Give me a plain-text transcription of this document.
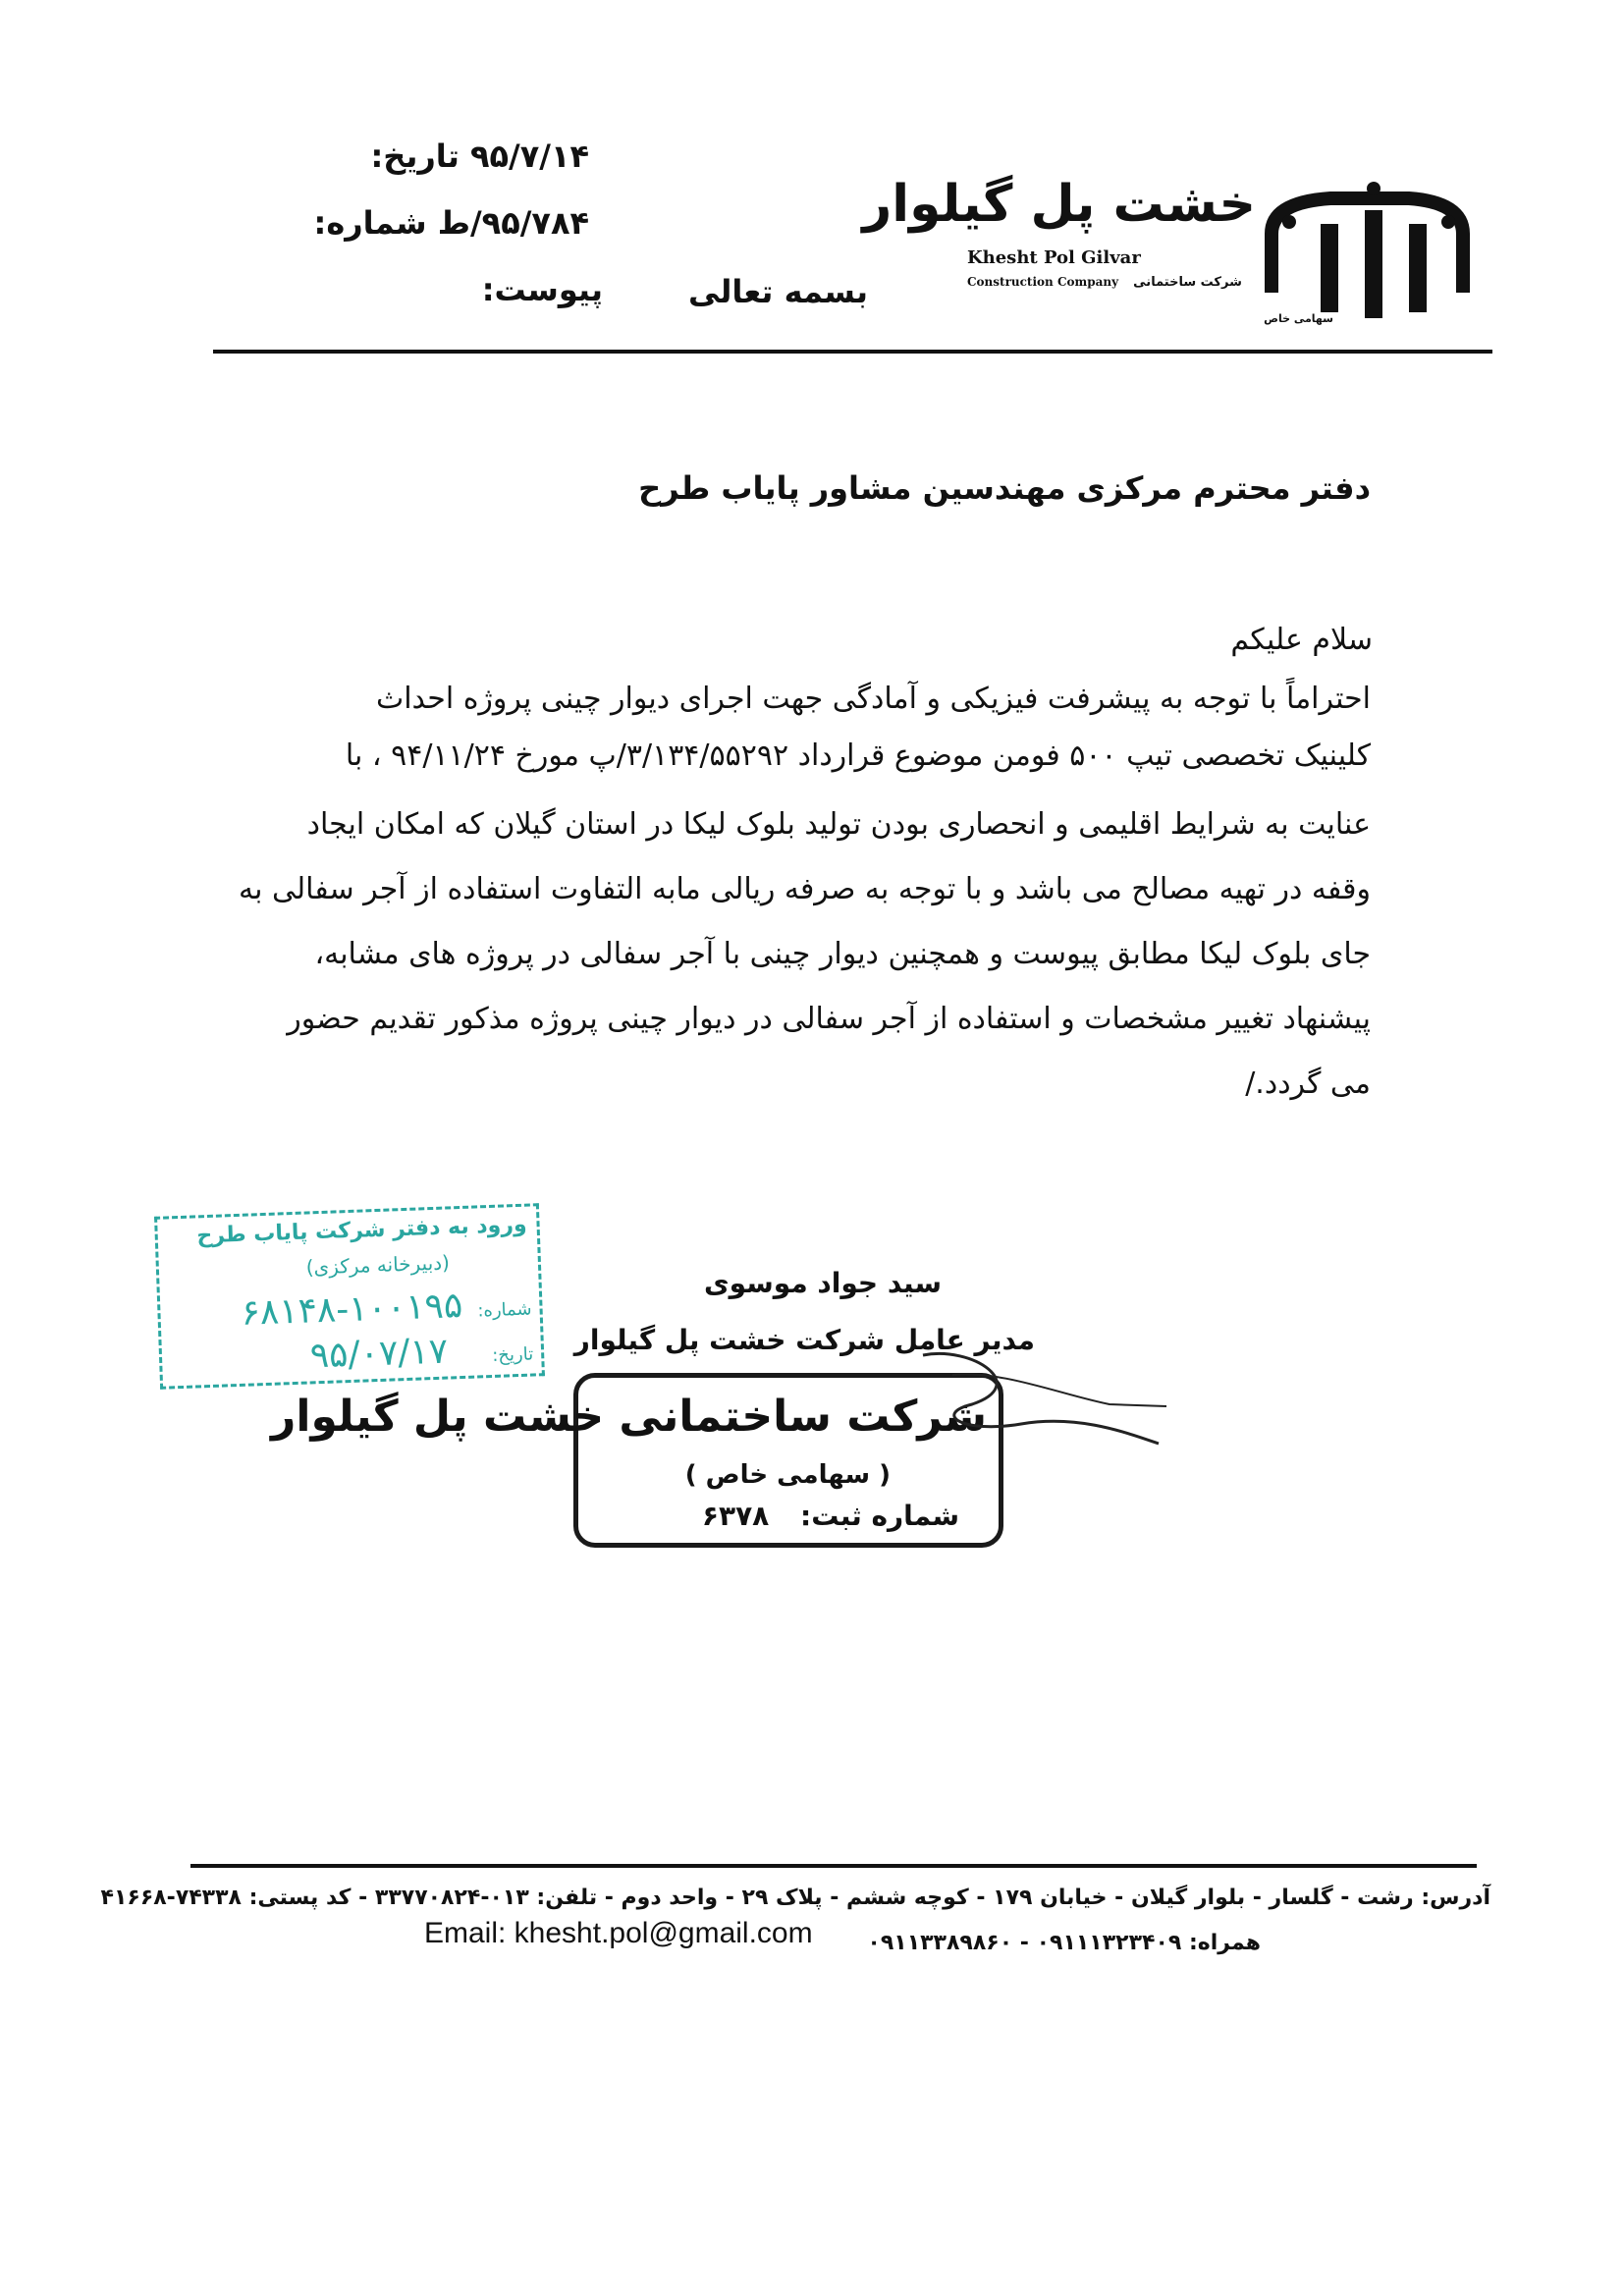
تاریخ: ۹۵/۷/۱۴
شماره: ۹۵/۷۸۴/ط
پیوست:	بسمه تعالی
سهامی خاص
خشت پل گیلوار
Khesht Pol Gilvar
Construction Company شرکت ساختمانی
دفتر محترم مرکزی مهندسین مشاور پایاب طرح
سلام علیکم
احتراماً با توجه به پیشرفت فیزیکی و آمادگی جهت اجرای دیوار چینی پروژه احداث
کلینیک تخصصی تیپ ۵۰۰ فومن موضوع قرارداد ۳/۱۳۴/۵۵۲۹۲/پ مورخ ۹۴/۱۱/۲۴ ، با
عنایت به شرایط اقلیمی و انحصاری بودن تولید بلوک لیکا در استان گیلان که امکان ایجاد
وقفه در تهیه مصالح می باشد و با توجه به صرفه ریالی مابه التفاوت استفاده از آجر سفالی به
جای بلوک لیکا مطابق پیوست و همچنین دیوار چینی با آجر سفالی در پروژه های مشابه،
پیشنهاد تغییر مشخصات و استفاده از آجر سفالی در دیوار چینی پروژه مذکور تقدیم حضور
می گردد./
سید جواد موسوی
مدیر عامل شرکت خشت پل گیلوار
شرکت ساختمانی خشت پل گیلوار
( سهامی خاص )
شماره ثبت: ۶۳۷۸
ورود به دفتر شرکت پایاب طرح
(دبیرخانه مرکزی)
شماره: ۱۰۰۱۹۵-۶۸۱۴۸
تاریخ: ۹۵/۰۷/۱۷
آدرس: رشت - گلسار - بلوار گیلان - خیابان ۱۷۹ - کوچه ششم - پلاک ۲۹ - واحد دوم - تلفن: ۰۱۳-۳۳۷۷۰۸۲۴ - کد پستی: ۷۴۳۳۸-۴۱۶۶۸
همراه: ۰۹۱۱۱۳۲۳۴۰۹ - ۰۹۱۱۳۳۸۹۸۶۰
Email: khesht.pol@gmail.com
